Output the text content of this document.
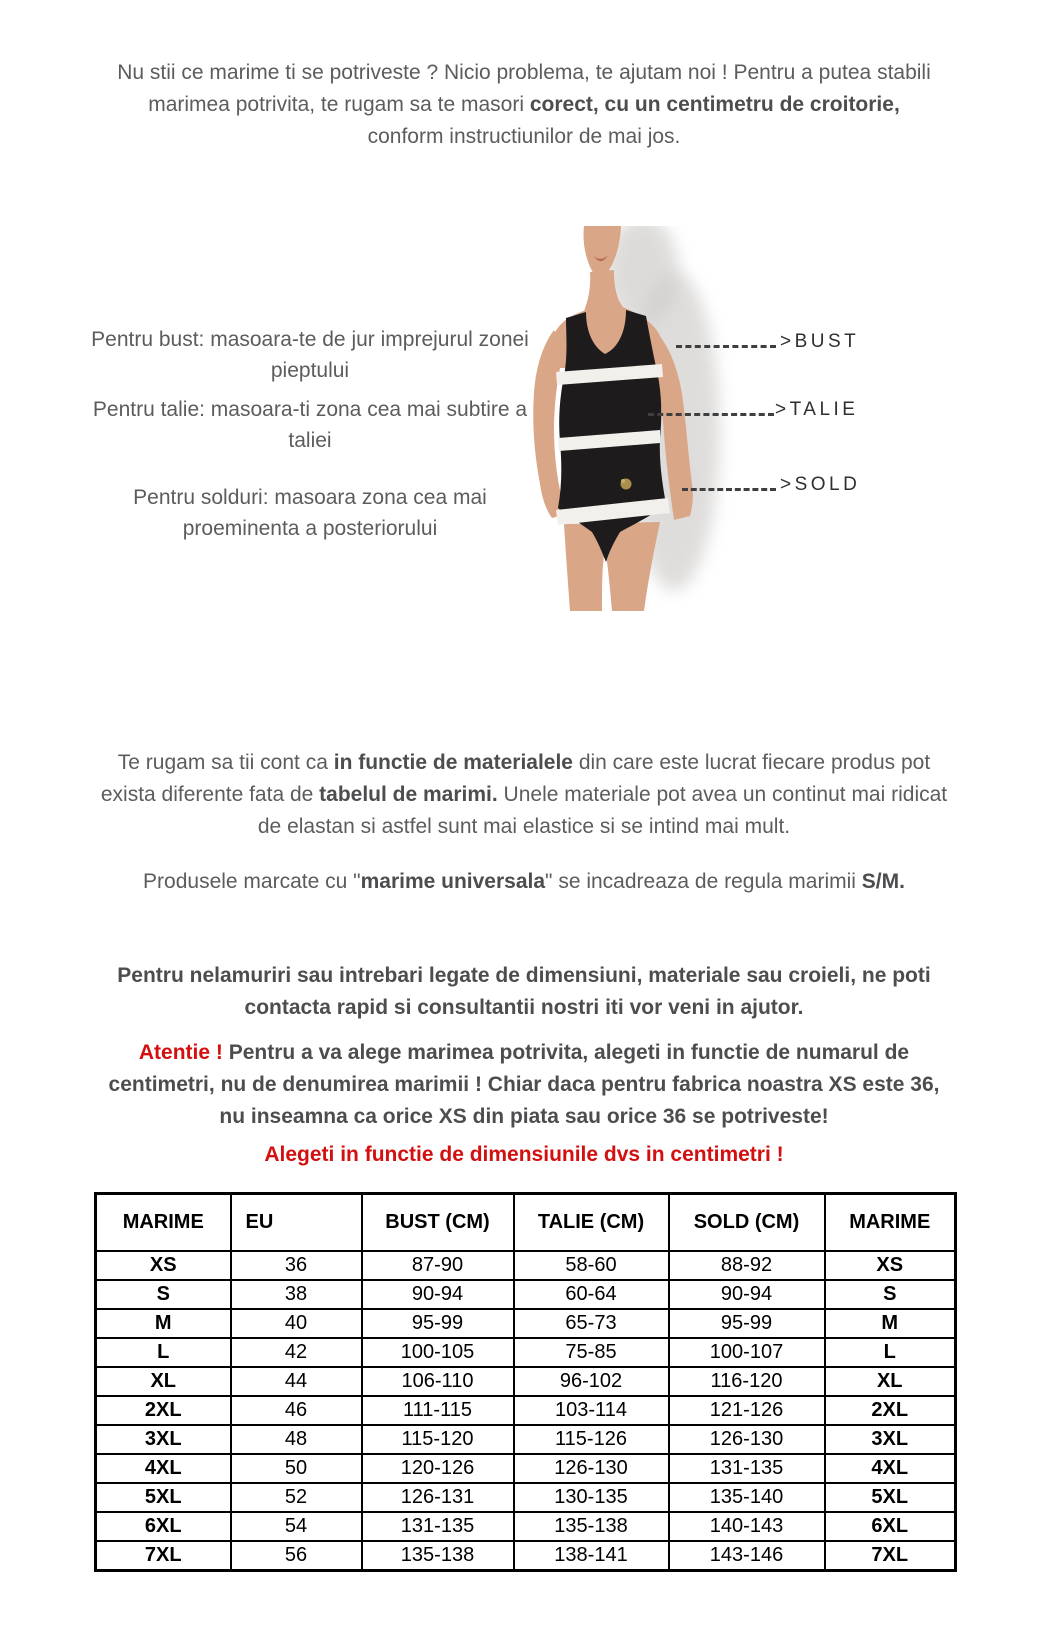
Nu stii ce marime ti se potriveste ? Nicio problema, te ajutam noi ! Pentru a putea stabili marimea potrivita, te rugam sa te masori corect, cu un centimetru de croitorie, conform instructiunilor de mai jos.

Pentru bust: masoara-te de jur imprejurul zonei pieptului

Pentru talie: masoara-ti zona cea mai subtire a taliei

Pentru solduri: masoara zona cea mai proeminenta a posteriorului

>BUST
>TALIE
>SOLD

Te rugam sa tii cont ca in functie de materialele din care este lucrat fiecare produs pot exista diferente fata de tabelul de marimi. Unele materiale pot avea un continut mai ridicat de elastan si astfel sunt mai elastice si se intind mai mult.

Produsele marcate cu "marime universala" se incadreaza de regula marimii S/M.

Pentru nelamuriri sau intrebari legate de dimensiuni, materiale sau croieli, ne poti contacta rapid si consultantii nostri iti vor veni in ajutor.

Atentie ! Pentru a va alege marimea potrivita, alegeti in functie de numarul de centimetri, nu de denumirea marimii ! Chiar daca pentru fabrica noastra XS este 36, nu inseamna ca orice XS din piata sau orice 36 se potriveste!

Alegeti in functie de dimensiunile dvs in centimetri !

MARIME	EU	BUST (CM)	TALIE (CM)	SOLD (CM)	MARIME
XS	36	87-90	58-60	88-92	XS
S	38	90-94	60-64	90-94	S
M	40	95-99	65-73	95-99	M
L	42	100-105	75-85	100-107	L
XL	44	106-110	96-102	116-120	XL
2XL	46	111-115	103-114	121-126	2XL
3XL	48	115-120	115-126	126-130	3XL
4XL	50	120-126	126-130	131-135	4XL
5XL	52	126-131	130-135	135-140	5XL
6XL	54	131-135	135-138	140-143	6XL
7XL	56	135-138	138-141	143-146	7XL
